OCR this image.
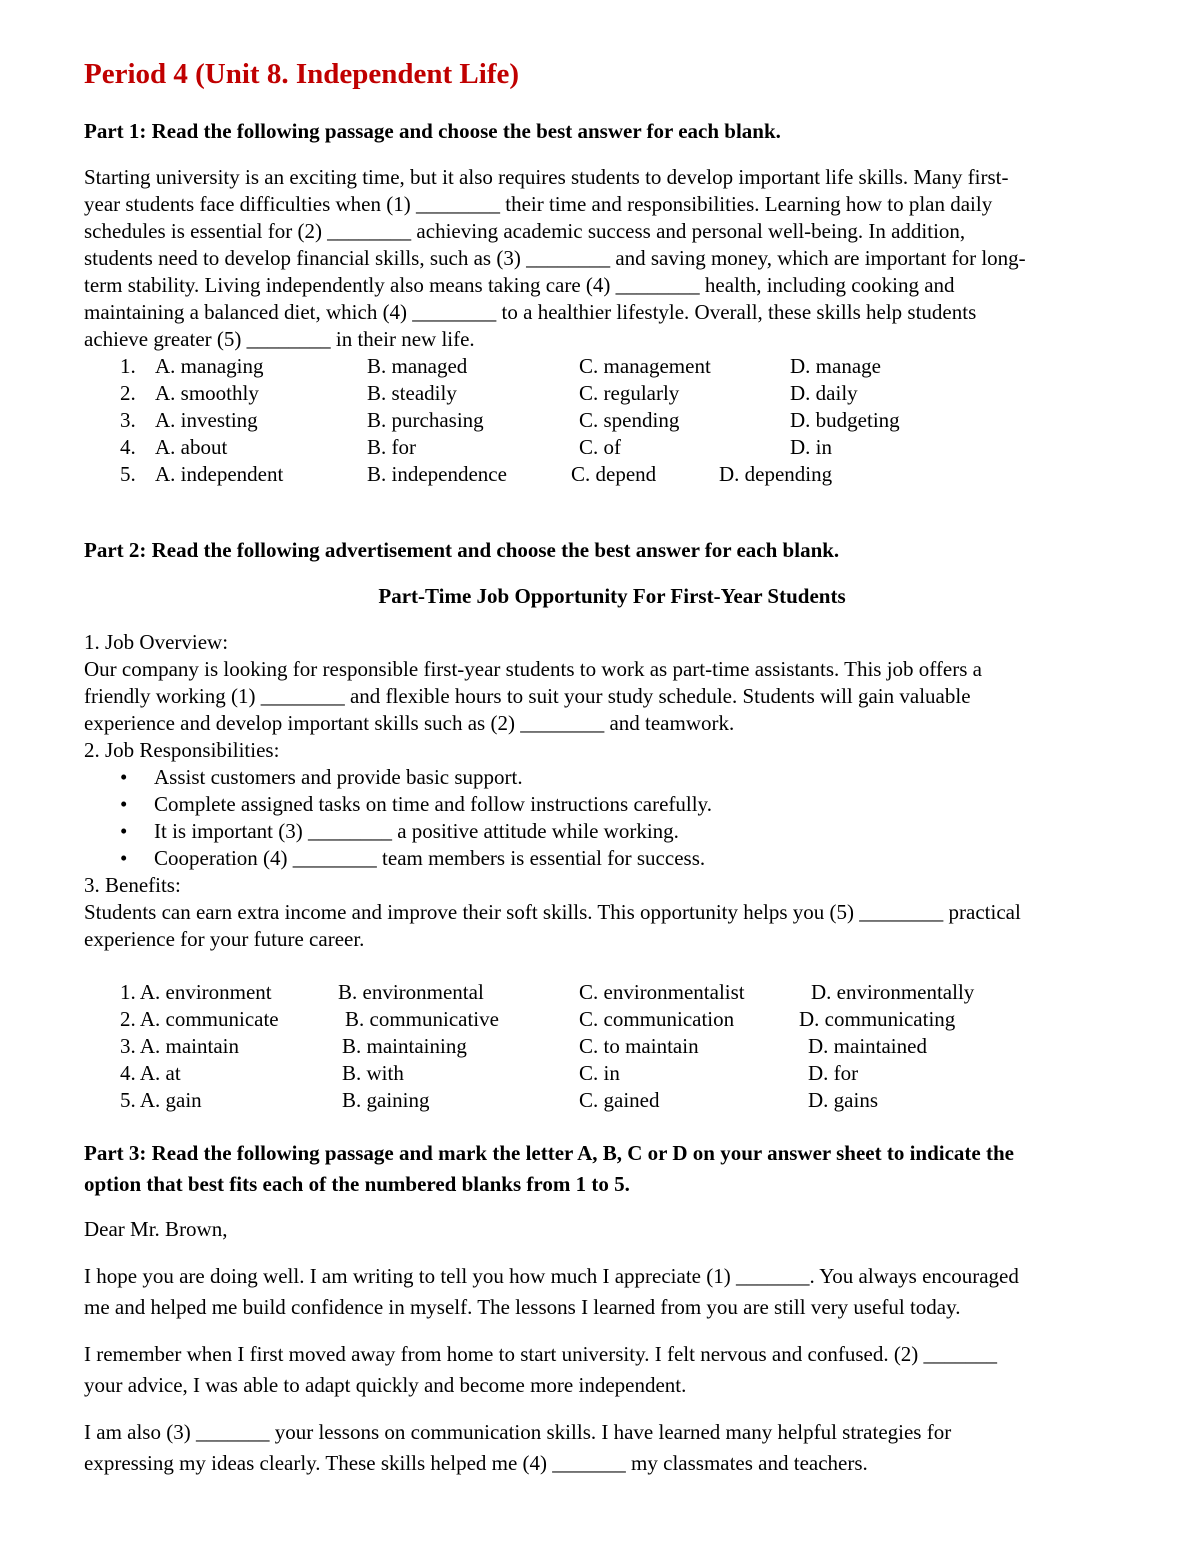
Period 4 (Unit 8. Independent Life)

Part 1: Read the following passage and choose the best answer for each blank.

Starting university is an exciting time, but it also requires students to develop important life skills. Many first-
year students face difficulties when (1) ________ their time and responsibilities. Learning how to plan daily
schedules is essential for (2) ________ achieving academic success and personal well-being. In addition,
students need to develop financial skills, such as (3) ________ and saving money, which are important for long-
term stability. Living independently also means taking care (4) ________ health, including cooking and
maintaining a balanced diet, which (4) ________ to a healthier lifestyle. Overall, these skills help students
achieve greater (5) ________ in their new life.
1. A. managing	B. managed	C. management	D. manage
2. A. smoothly	B. steadily	C. regularly	D. daily
3. A. investing	B. purchasing	C. spending	D. budgeting
4. A. about	B. for	C. of	D. in
5. A. independent	B. independence	C. depend	D. depending

Part 2: Read the following advertisement and choose the best answer for each blank.

Part-Time Job Opportunity For First-Year Students
1. Job Overview:
Our company is looking for responsible first-year students to work as part-time assistants. This job offers a
friendly working (1) ________ and flexible hours to suit your study schedule. Students will gain valuable
experience and develop important skills such as (2) ________ and teamwork.
2. Job Responsibilities:
• Assist customers and provide basic support.
• Complete assigned tasks on time and follow instructions carefully.
• It is important (3) ________ a positive attitude while working.
• Cooperation (4) ________ team members is essential for success.
3. Benefits:
Students can earn extra income and improve their soft skills. This opportunity helps you (5) ________ practical
experience for your future career.
1. A. environment	B. environmental	C. environmentalist	D. environmentally
2. A. communicate	B. communicative	C. communication	D. communicating
3. A. maintain	B. maintaining	C. to maintain	D. maintained
4. A. at	B. with	C. in	D. for
5. A. gain	B. gaining	C. gained	D. gains

Part 3: Read the following passage and mark the letter A, B, C or D on your answer sheet to indicate the

option that best fits each of the numbered blanks from 1 to 5.

Dear Mr. Brown,

I hope you are doing well. I am writing to tell you how much I appreciate (1) _______. You always encouraged

me and helped me build confidence in myself. The lessons I learned from you are still very useful today.

I remember when I first moved away from home to start university. I felt nervous and confused. (2) _______

your advice, I was able to adapt quickly and become more independent.

I am also (3) _______ your lessons on communication skills. I have learned many helpful strategies for

expressing my ideas clearly. These skills helped me (4) _______ my classmates and teachers.
